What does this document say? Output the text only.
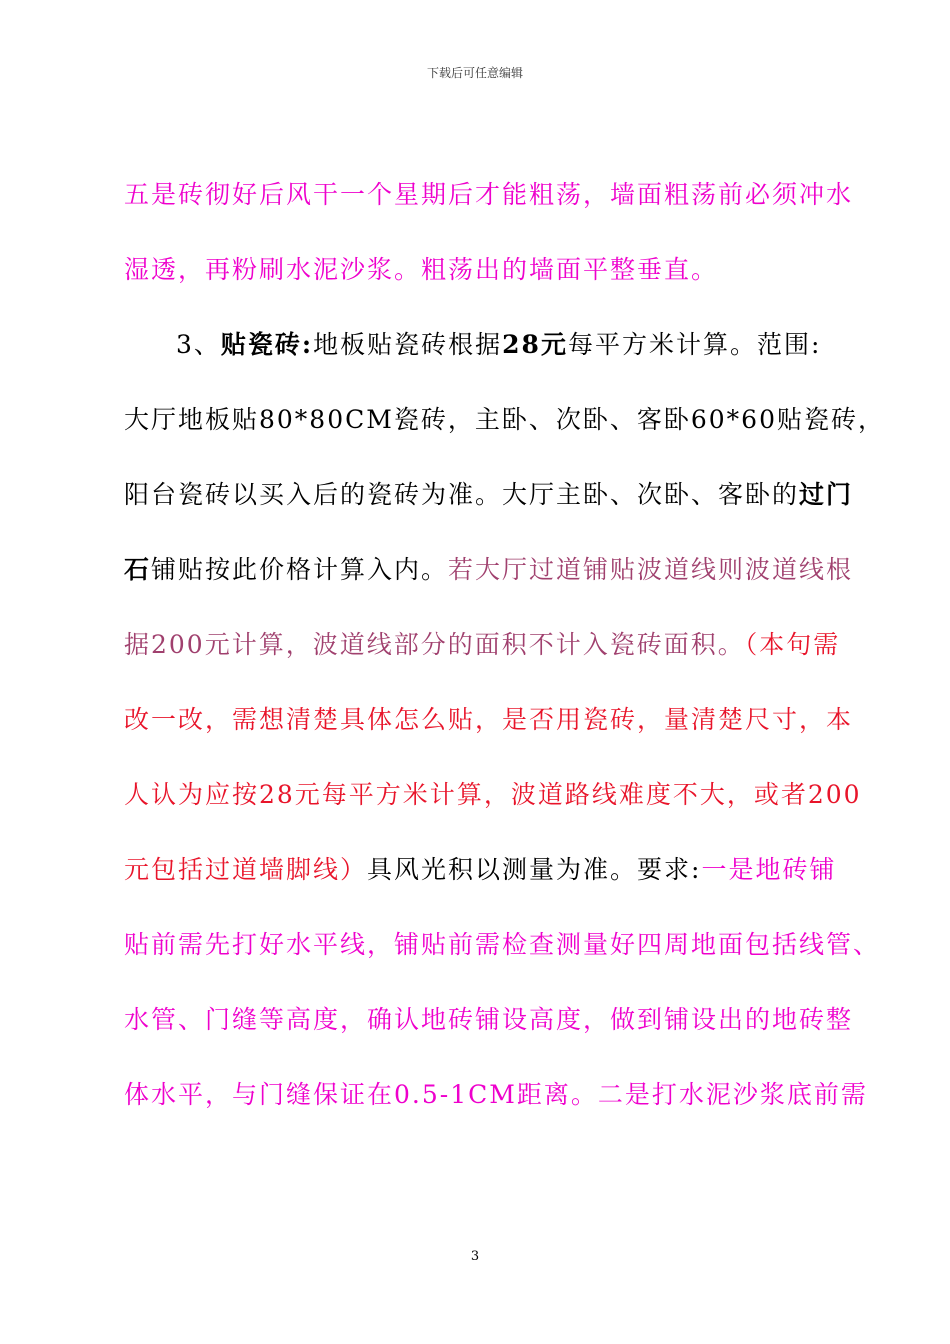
下载后可任意编辑
五是砖彻好后风干一个星期后才能粗荡，墙面粗荡前必须冲水
湿透，再粉刷水泥沙浆。粗荡出的墙面平整垂直。
3、贴瓷砖:地板贴瓷砖根据28元每平方米计算。范围:
大厅地板贴80*80CM瓷砖，主卧、次卧、客卧60*60贴瓷砖，
阳台瓷砖以买入后的瓷砖为准。大厅主卧、次卧、客卧的过门
石铺贴按此价格计算入内。若大厅过道铺贴波道线则波道线根
据200元计算，波道线部分的面积不计入瓷砖面积。（本句需
改一改，需想清楚具体怎么贴，是否用瓷砖，量清楚尺寸，本
人认为应按28元每平方米计算，波道路线难度不大，或者200
元包括过道墙脚线）具风光积以测量为准。要求:一是地砖铺
贴前需先打好水平线，铺贴前需检查测量好四周地面包括线管、
水管、门缝等高度，确认地砖铺设高度，做到铺设出的地砖整
体水平，与门缝保证在0.5-1CM距离。二是打水泥沙浆底前需
3
